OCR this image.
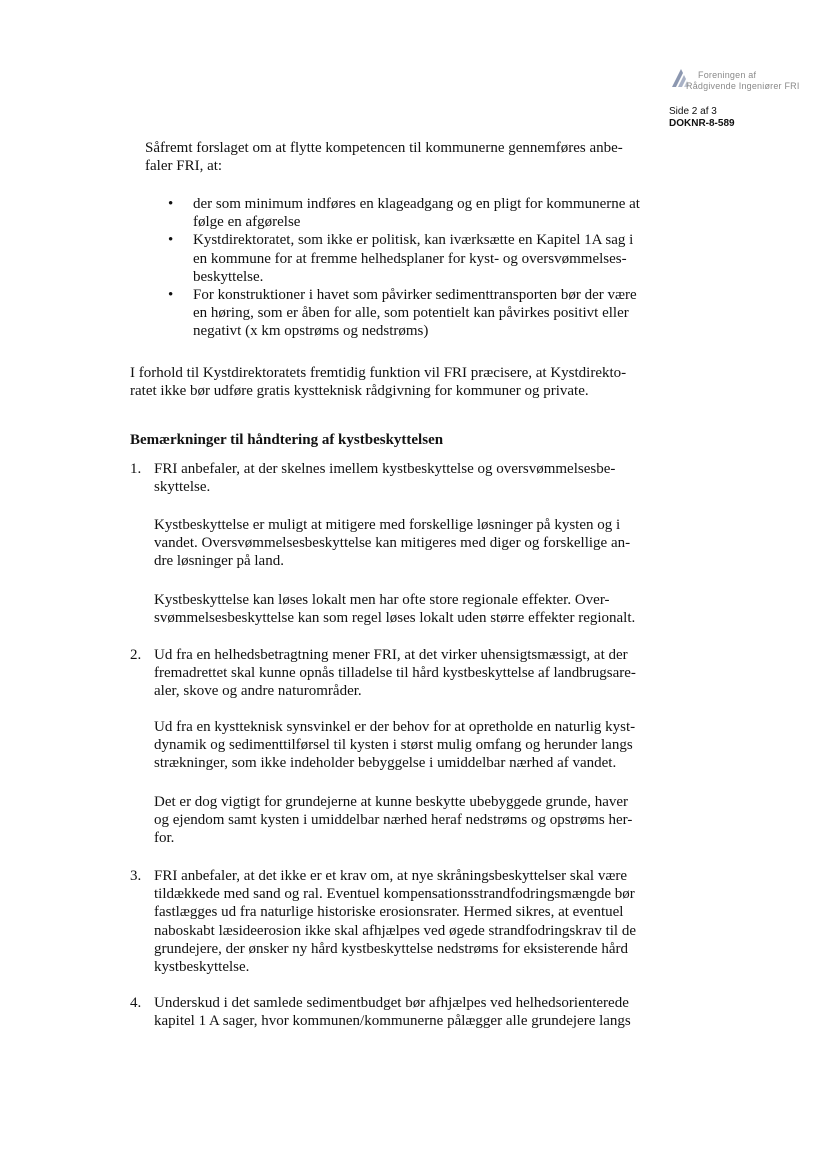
Foreningen af
Rådgivende Ingeniører FRI
Side 2 af 3
DOKNR-8-589
Såfremt forslaget om at flytte kompetencen til kommunerne gennemføres anbe-
faler FRI, at:
•	der som minimum indføres en klageadgang og en pligt for kommunerne at
følge en afgørelse
•	Kystdirektoratet, som ikke er politisk, kan iværksætte en Kapitel 1A sag i
en kommune for at fremme helhedsplaner for kyst- og oversvømmelses-
beskyttelse.
•	For konstruktioner i havet som påvirker sedimenttransporten bør der være
en høring, som er åben for alle, som potentielt kan påvirkes positivt eller
negativt (x km opstrøms og nedstrøms)
I forhold til Kystdirektoratets fremtidig funktion vil FRI præcisere, at Kystdirekto-
ratet ikke bør udføre gratis kystteknisk rådgivning for kommuner og private.
Bemærkninger til håndtering af kystbeskyttelsen
1. FRI anbefaler, at der skelnes imellem kystbeskyttelse og oversvømmelsesbe-
skyttelse.
Kystbeskyttelse er muligt at mitigere med forskellige løsninger på kysten og i
vandet. Oversvømmelsesbeskyttelse kan mitigeres med diger og forskellige an-
dre løsninger på land.
Kystbeskyttelse kan løses lokalt men har ofte store regionale effekter. Over-
svømmelsesbeskyttelse kan som regel løses lokalt uden større effekter regionalt.
2. Ud fra en helhedsbetragtning mener FRI, at det virker uhensigtsmæssigt, at der
fremadrettet skal kunne opnås tilladelse til hård kystbeskyttelse af landbrugsare-
aler, skove og andre naturområder.
Ud fra en kystteknisk synsvinkel er der behov for at opretholde en naturlig kyst-
dynamik og sedimenttilførsel til kysten i størst mulig omfang og herunder langs
strækninger, som ikke indeholder bebyggelse i umiddelbar nærhed af vandet.
Det er dog vigtigt for grundejerne at kunne beskytte ubebyggede grunde, haver
og ejendom samt kysten i umiddelbar nærhed heraf nedstrøms og opstrøms her-
for.
3. FRI anbefaler, at det ikke er et krav om, at nye skråningsbeskyttelser skal være
tildækkede med sand og ral. Eventuel kompensationsstrandfodringsmængde bør
fastlægges ud fra naturlige historiske erosionsrater. Hermed sikres, at eventuel
naboskabt læsideerosion ikke skal afhjælpes ved øgede strandfodringskrav til de
grundejere, der ønsker ny hård kystbeskyttelse nedstrøms for eksisterende hård
kystbeskyttelse.
4. Underskud i det samlede sedimentbudget bør afhjælpes ved helhedsorienterede
kapitel 1 A sager, hvor kommunen/kommunerne pålægger alle grundejere langs
